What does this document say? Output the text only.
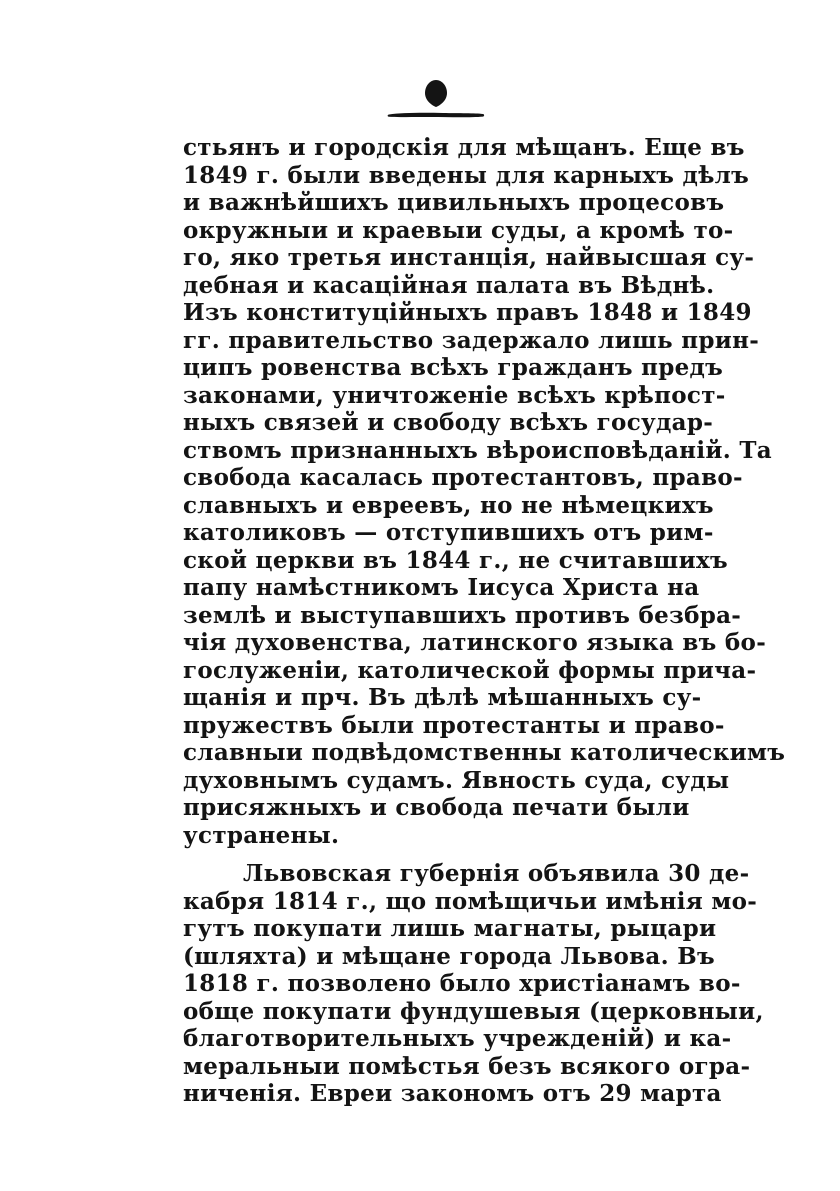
стьянъ и городскія для мѣщанъ. Еще въ
1849 г. были введены для карныхъ дѣлъ
и важнѣйшихъ цивильныхъ процесовъ
окружныи и краевыи суды, а кромѣ то-
го, яко третья инстанція, найвысшая су-
дебная и касаційная палата въ Вѣднѣ.
Изъ конституційныхъ правъ 1848 и 1849
гг. правительство задержало лишь прин-
ципъ ровенства всѣхъ гражданъ предъ
законами, уничтоженіе всѣхъ крѣпост-
ныхъ связей и свободу всѣхъ государ-
ствомъ признанныхъ вѣроисповѣданій. Та
свобода касалась протестантовъ, право-
славныхъ и евреевъ, но не нѣмецкихъ
католиковъ — отступившихъ отъ рим-
ской церкви въ 1844 г., не считавшихъ
папу намѣстникомъ Іисуса Христа на
землѣ и выступавшихъ противъ безбра-
чія духовенства, латинского языка въ бо-
гослуженіи, католической формы прича-
щанія и прч. Въ дѣлѣ мѣшанныхъ су-
пружествъ были протестанты и право-
славныи подвѣдомственны католическимъ
духовнымъ судамъ. Явность суда, суды
присяжныхъ и свобода печати были
устранены.
Львовская губернія объявила 30 де-
кабря 1814 г., що помѣщичьи имѣнія мо-
гутъ покупати лишь магнаты, рыцари
(шляхта) и мѣщане города Львова. Въ
1818 г. позволено было христіанамъ во-
обще покупати фундушевыя (церковныи,
благотворительныхъ учрежденій) и ка-
меральныи помѣстья безъ всякого огра-
ниченія. Евреи закономъ отъ 29 марта
